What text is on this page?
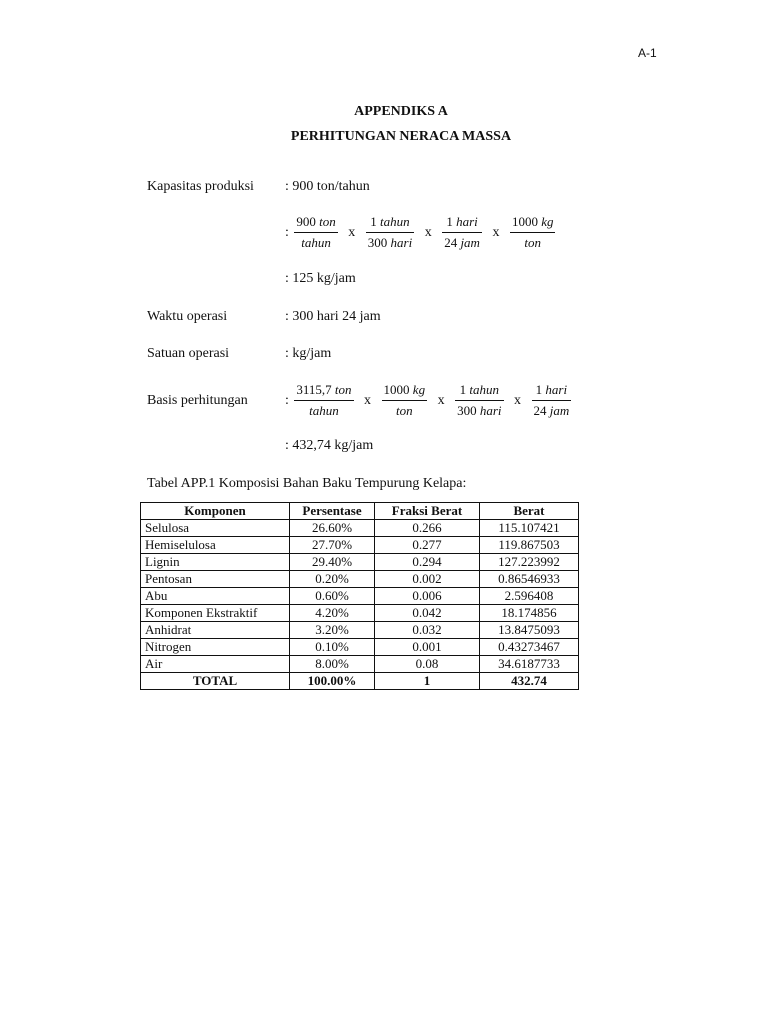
A-1
APPENDIKS A
PERHITUNGAN NERACA MASSA
Kapasitas produksi : 900 ton/tahun
: $\frac{\text{900 ton}}{\text{tahun}}$ x $\frac{\text{1 tahun}}{\text{300 hari}}$ x $\frac{\text{1 hari}}{\text{24 jam}}$ x $\frac{1000 kg}{\text{ton}}$
: 125 kg/jam
Waktu operasi	: 300 hari 24 jam
Satuan operasi	: kg/jam
Basis perhitungan	: $\frac{\text{3115,7 ton}}{\text{tahun}}$ x $\frac{1000 kg}{\text{ton}}$ x $\frac{\text{1 tahun}}{\text{300 hari}}$ x $\frac{\text{1 hari}}{\text{24 jam}}$
: 432,74 kg/jam
Tabel APP.1 Komposisi Bahan Baku Tempurung Kelapa:
Komponen	Persentase	Fraksi Berat	Berat
Selulosa	26.60%	0.266	115.107421
Hemiselulosa	27.70%	0.277	119.867503
Lignin	29.40%	0.294	127.223992
Pentosan	0.20%	0.002	0.86546933
Abu	0.60%	0.006	2.596408
Komponen Ekstraktif	4.20%	0.042	18.174856
Anhidrat	3.20%	0.032	13.8475093
Nitrogen	0.10%	0.001	0.43273467
Air	8.00%	0.08	34.6187733
TOTAL	100.00%	1	432.74
